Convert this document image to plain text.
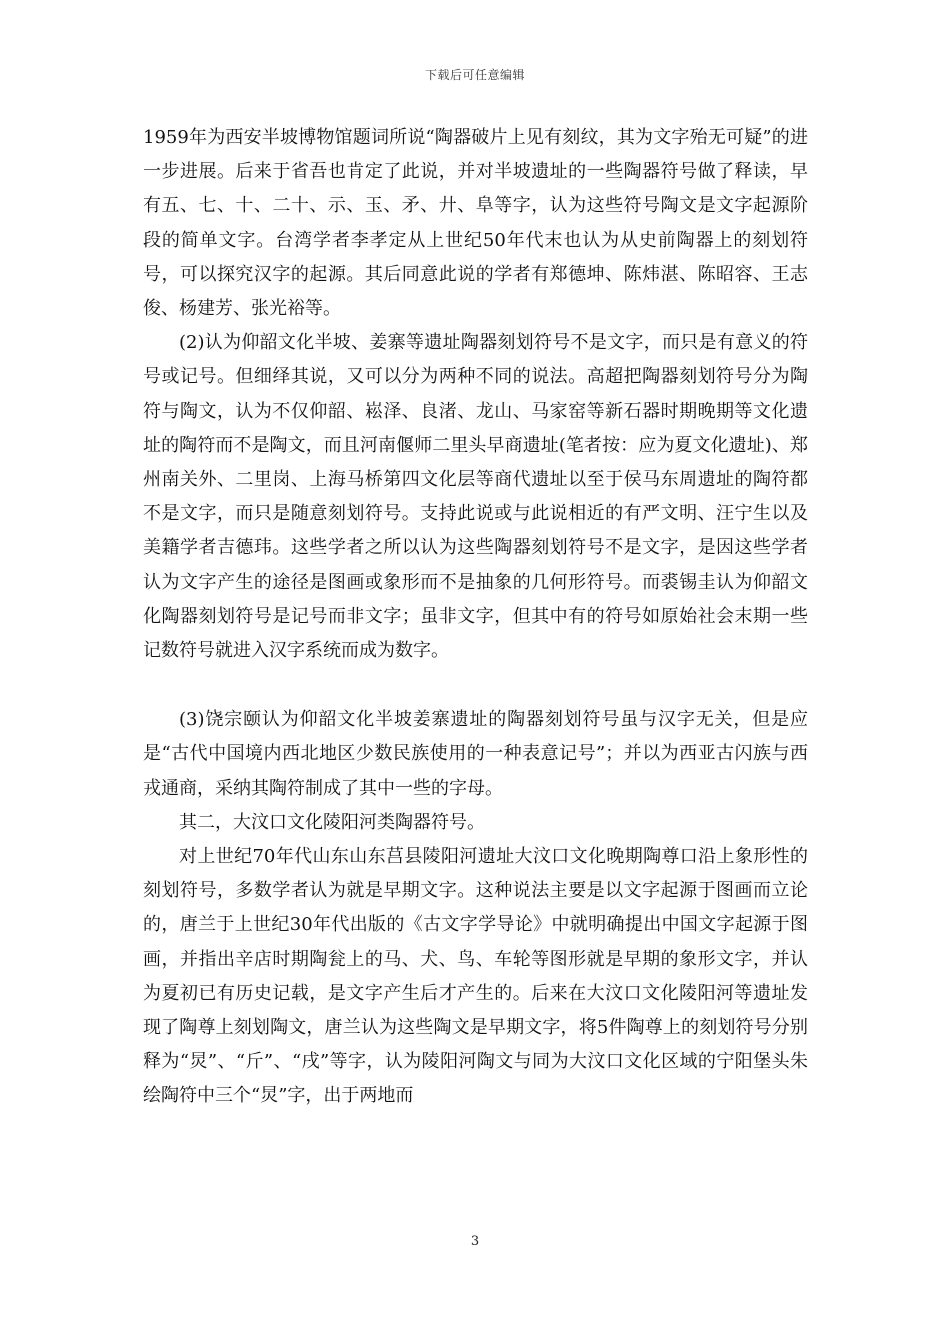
下载后可任意编辑

1959年为西安半坡博物馆题词所说“陶器破片上见有刻纹，其为文字殆无可疑”的进一步进展。后来于省吾也肯定了此说，并对半坡遗址的一些陶器符号做了释读，早有五、七、十、二十、示、玉、矛、廾、阜等字，认为这些符号陶文是文字起源阶段的简单文字。台湾学者李孝定从上世纪50年代末也认为从史前陶器上的刻划符号，可以探究汉字的起源。其后同意此说的学者有郑德坤、陈炜湛、陈昭容、王志俊、杨建芳、张光裕等。

(2)认为仰韶文化半坡、姜寨等遗址陶器刻划符号不是文字，而只是有意义的符号或记号。但细绎其说，又可以分为两种不同的说法。高超把陶器刻划符号分为陶符与陶文，认为不仅仰韶、崧泽、良渚、龙山、马家窑等新石器时期晚期等文化遗址的陶符而不是陶文，而且河南偃师二里头早商遗址(笔者按：应为夏文化遗址)、郑州南关外、二里岗、上海马桥第四文化层等商代遗址以至于侯马东周遗址的陶符都不是文字，而只是随意刻划符号。支持此说或与此说相近的有严文明、汪宁生以及美籍学者吉德玮。这些学者之所以认为这些陶器刻划符号不是文字，是因这些学者认为文字产生的途径是图画或象形而不是抽象的几何形符号。而裘锡圭认为仰韶文化陶器刻划符号是记号而非文字；虽非文字，但其中有的符号如原始社会末期一些记数符号就进入汉字系统而成为数字。

(3)饶宗颐认为仰韶文化半坡姜寨遗址的陶器刻划符号虽与汉字无关，但是应是“古代中国境内西北地区少数民族使用的一种表意记号”；并以为西亚古闪族与西戎通商，采纳其陶符制成了其中一些的字母。

其二，大汶口文化陵阳河类陶器符号。

对上世纪70年代山东山东莒县陵阳河遗址大汶口文化晚期陶尊口沿上象形性的刻划符号，多数学者认为就是早期文字。这种说法主要是以文字起源于图画而立论的，唐兰于上世纪30年代出版的《古文字学导论》中就明确提出中国文字起源于图画，并指出辛店时期陶瓮上的马、犬、鸟、车轮等图形就是早期的象形文字，并认为夏初已有历史记载，是文字产生后才产生的。后来在大汶口文化陵阳河等遗址发现了陶尊上刻划陶文，唐兰认为这些陶文是早期文字，将5件陶尊上的刻划符号分别释为“炅”、“斤”、“戌”等字，认为陵阳河陶文与同为大汶口文化区域的宁阳堡头朱绘陶符中三个“炅”字，出于两地而

3
